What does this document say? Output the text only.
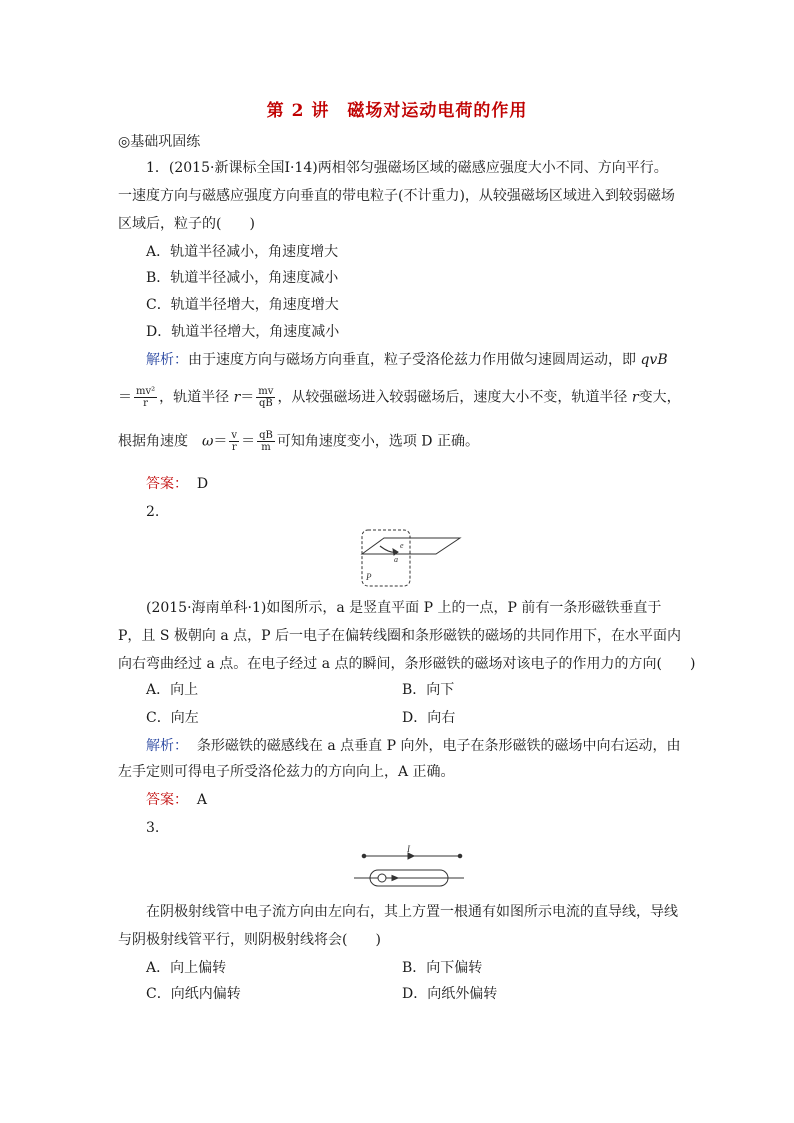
第 2 讲　磁场对运动电荷的作用
◎基础巩固练
1．(2015·新课标全国Ⅰ·14)两相邻匀强磁场区域的磁感应强度大小不同、方向平行。
一速度方向与磁感应强度方向垂直的带电粒子(不计重力)，从较强磁场区域进入到较弱磁场
区域后，粒子的(　　)
A．轨道半径减小，角速度增大
B．轨道半径减小，角速度减小
C．轨道半径增大，角速度增大
D．轨道半径增大，角速度减小
解析：由于速度方向与磁场方向垂直，粒子受洛伦兹力作用做匀速圆周运动，即 qvB
＝ $\frac{\text{mv²}}{r}$ ，轨道半径 $r= \frac{mv}{qB}$ ，从较强磁场进入较弱磁场后，速度大小不变，轨道半径 r变大，
根据角速度　$\omega= \frac{v}{r} = \frac{qB}{m}$ 可知角速度变小，选项 D 正确。
答案： D
2.
e
a
P
(2015·海南单科·1)如图所示，a 是竖直平面 P 上的一点，P 前有一条形磁铁垂直于
P，且 S 极朝向 a 点，P 后一电子在偏转线圈和条形磁铁的磁场的共同作用下，在水平面内
向右弯曲经过 a 点。在电子经过 a 点的瞬间，条形磁铁的磁场对该电子的作用力的方向(　　)
A．向上	B．向下
C．向左	D．向右
解析： 条形磁铁的磁感线在 a 点垂直 P 向外，电子在条形磁铁的磁场中向右运动，由
左手定则可得电子所受洛伦兹力的方向向上，A 正确。
答案： A
3.
I
在阴极射线管中电子流方向由左向右，其上方置一根通有如图所示电流的直导线，导线
与阴极射线管平行，则阴极射线将会(　　)
A．向上偏转	B．向下偏转
C．向纸内偏转	D．向纸外偏转
